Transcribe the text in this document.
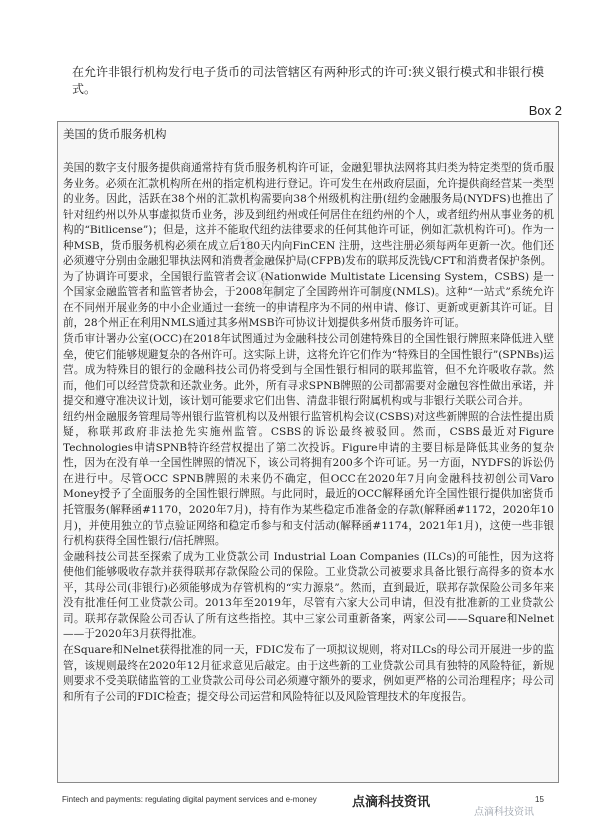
在允许非银行机构发行电子货币的司法管辖区有两种形式的许可:狭义银行模式和非银行模式。
Box 2
美国的货币服务机构

美国的数字支付服务提供商通常持有货币服务机构许可证，金融犯罪执法网将其归类为特定类型的货币服务业务。必须在汇款机构所在州的指定机构进行登记。许可发生在州政府层面，允许提供商经营某一类型的业务。因此，活跃在38个州的汇款机构需要向38个州级机构注册(纽约金融服务局(NYDFS)也推出了针对纽约州以外从事虚拟货币业务，涉及到纽约州或任何居住在纽约州的个人，或者纽约州从事业务的机构的“Bitlicense”)；但是，这并不能取代纽约法律要求的任何其他许可证，例如汇款机构许可)。作为一种MSB，货币服务机构必须在成立后180天内向FinCEN 注册，这些注册必须每两年更新一次。他们还必须遵守分别由金融犯罪执法网和消费者金融保护局(CFPB)发布的联邦反洗钱/CFT和消费者保护条例。

为了协调许可要求，全国银行监管者会议 (Nationwide Multistate Licensing System，CSBS) 是一个国家金融监管者和监管者协会，于2008年制定了全国跨州许可制度(NMLS)。这种“一站式”系统允许在不同州开展业务的中小企业通过一套统一的申请程序为不同的州申请、修订、更新或更新其许可证。目前，28个州正在利用NMLS通过其多州MSB许可协议计划提供多州货币服务许可证。

货币审计署办公室(OCC)在2018年试图通过为金融科技公司创建特殊目的全国性银行牌照来降低进入壁垒，使它们能够规避复杂的各州许可。这实际上讲，这将允许它们作为“特殊目的全国性银行”(SPNBs)运营。成为特殊目的银行的金融科技公司仍将受到与全国性银行相同的联邦监管，但不允许吸收存款。然而，他们可以经营贷款和还款业务。此外，所有寻求SPNB牌照的公司都需要对金融包容性做出承诺，并提交和遵守准决议计划，该计划可能要求它们出售、清盘非银行附属机构或与非银行关联公司合并。

纽约州金融服务管理局等州银行监管机构以及州银行监管机构会议(CSBS)对这些新牌照的合法性提出质疑，称联邦政府非法抢先实施州监管。CSBS的诉讼最终被驳回。然而，CSBS最近对Figure Technologies申请SPNB特许经营权提出了第二次投诉。Figure申请的主要目标是降低其业务的复杂性，因为在没有单一全国性牌照的情况下，该公司将拥有200多个许可证。另一方面，NYDFS的诉讼仍在进行中。尽管OCC SPNB牌照的未来仍不确定，但OCC在2020年7月向金融科技初创公司Varo Money授予了全面服务的全国性银行牌照。与此同时，最近的OCC解释函允许全国性银行提供加密货币托管服务(解释函#1170，2020年7月)，持有作为某些稳定币准备金的存款(解释函#1172，2020年10月)，并使用独立的节点验证网络和稳定币参与和支付活动(解释函#1174，2021年1月)，这使一些非银行机构获得全国性银行/信托牌照。

金融科技公司甚至探索了成为工业贷款公司 Industrial Loan Companies (ILCs)的可能性，因为这将使他们能够吸收存款并获得联邦存款保险公司的保险。工业贷款公司被要求具备比银行高得多的资本水平，其母公司(非银行)必须能够成为存管机构的“实力源泉”。然而，直到最近，联邦存款保险公司多年来没有批准任何工业贷款公司。2013年至2019年，尽管有六家大公司申请，但没有批准新的工业贷款公司。联邦存款保险公司否认了所有这些指控。其中三家公司重新备案，两家公司——Square和Nelnet——于2020年3月获得批准。

在Square和Nelnet获得批准的同一天，FDIC发布了一项拟议规则，将对ILCs的母公司开展进一步的监管，该规则最终在2020年12月征求意见后敲定。由于这些新的工业贷款公司具有独特的风险特征，新规则要求不受美联储监管的工业贷款公司母公司必须遵守额外的要求，例如更严格的公司治理程序；母公司和所有子公司的FDIC检查；提交母公司运营和风险特征以及风险管理技术的年度报告。

点滴科技资讯
Fintech and payments: regulating digital payment services and e-money	点滴科技资讯	15
点滴科技资讯
